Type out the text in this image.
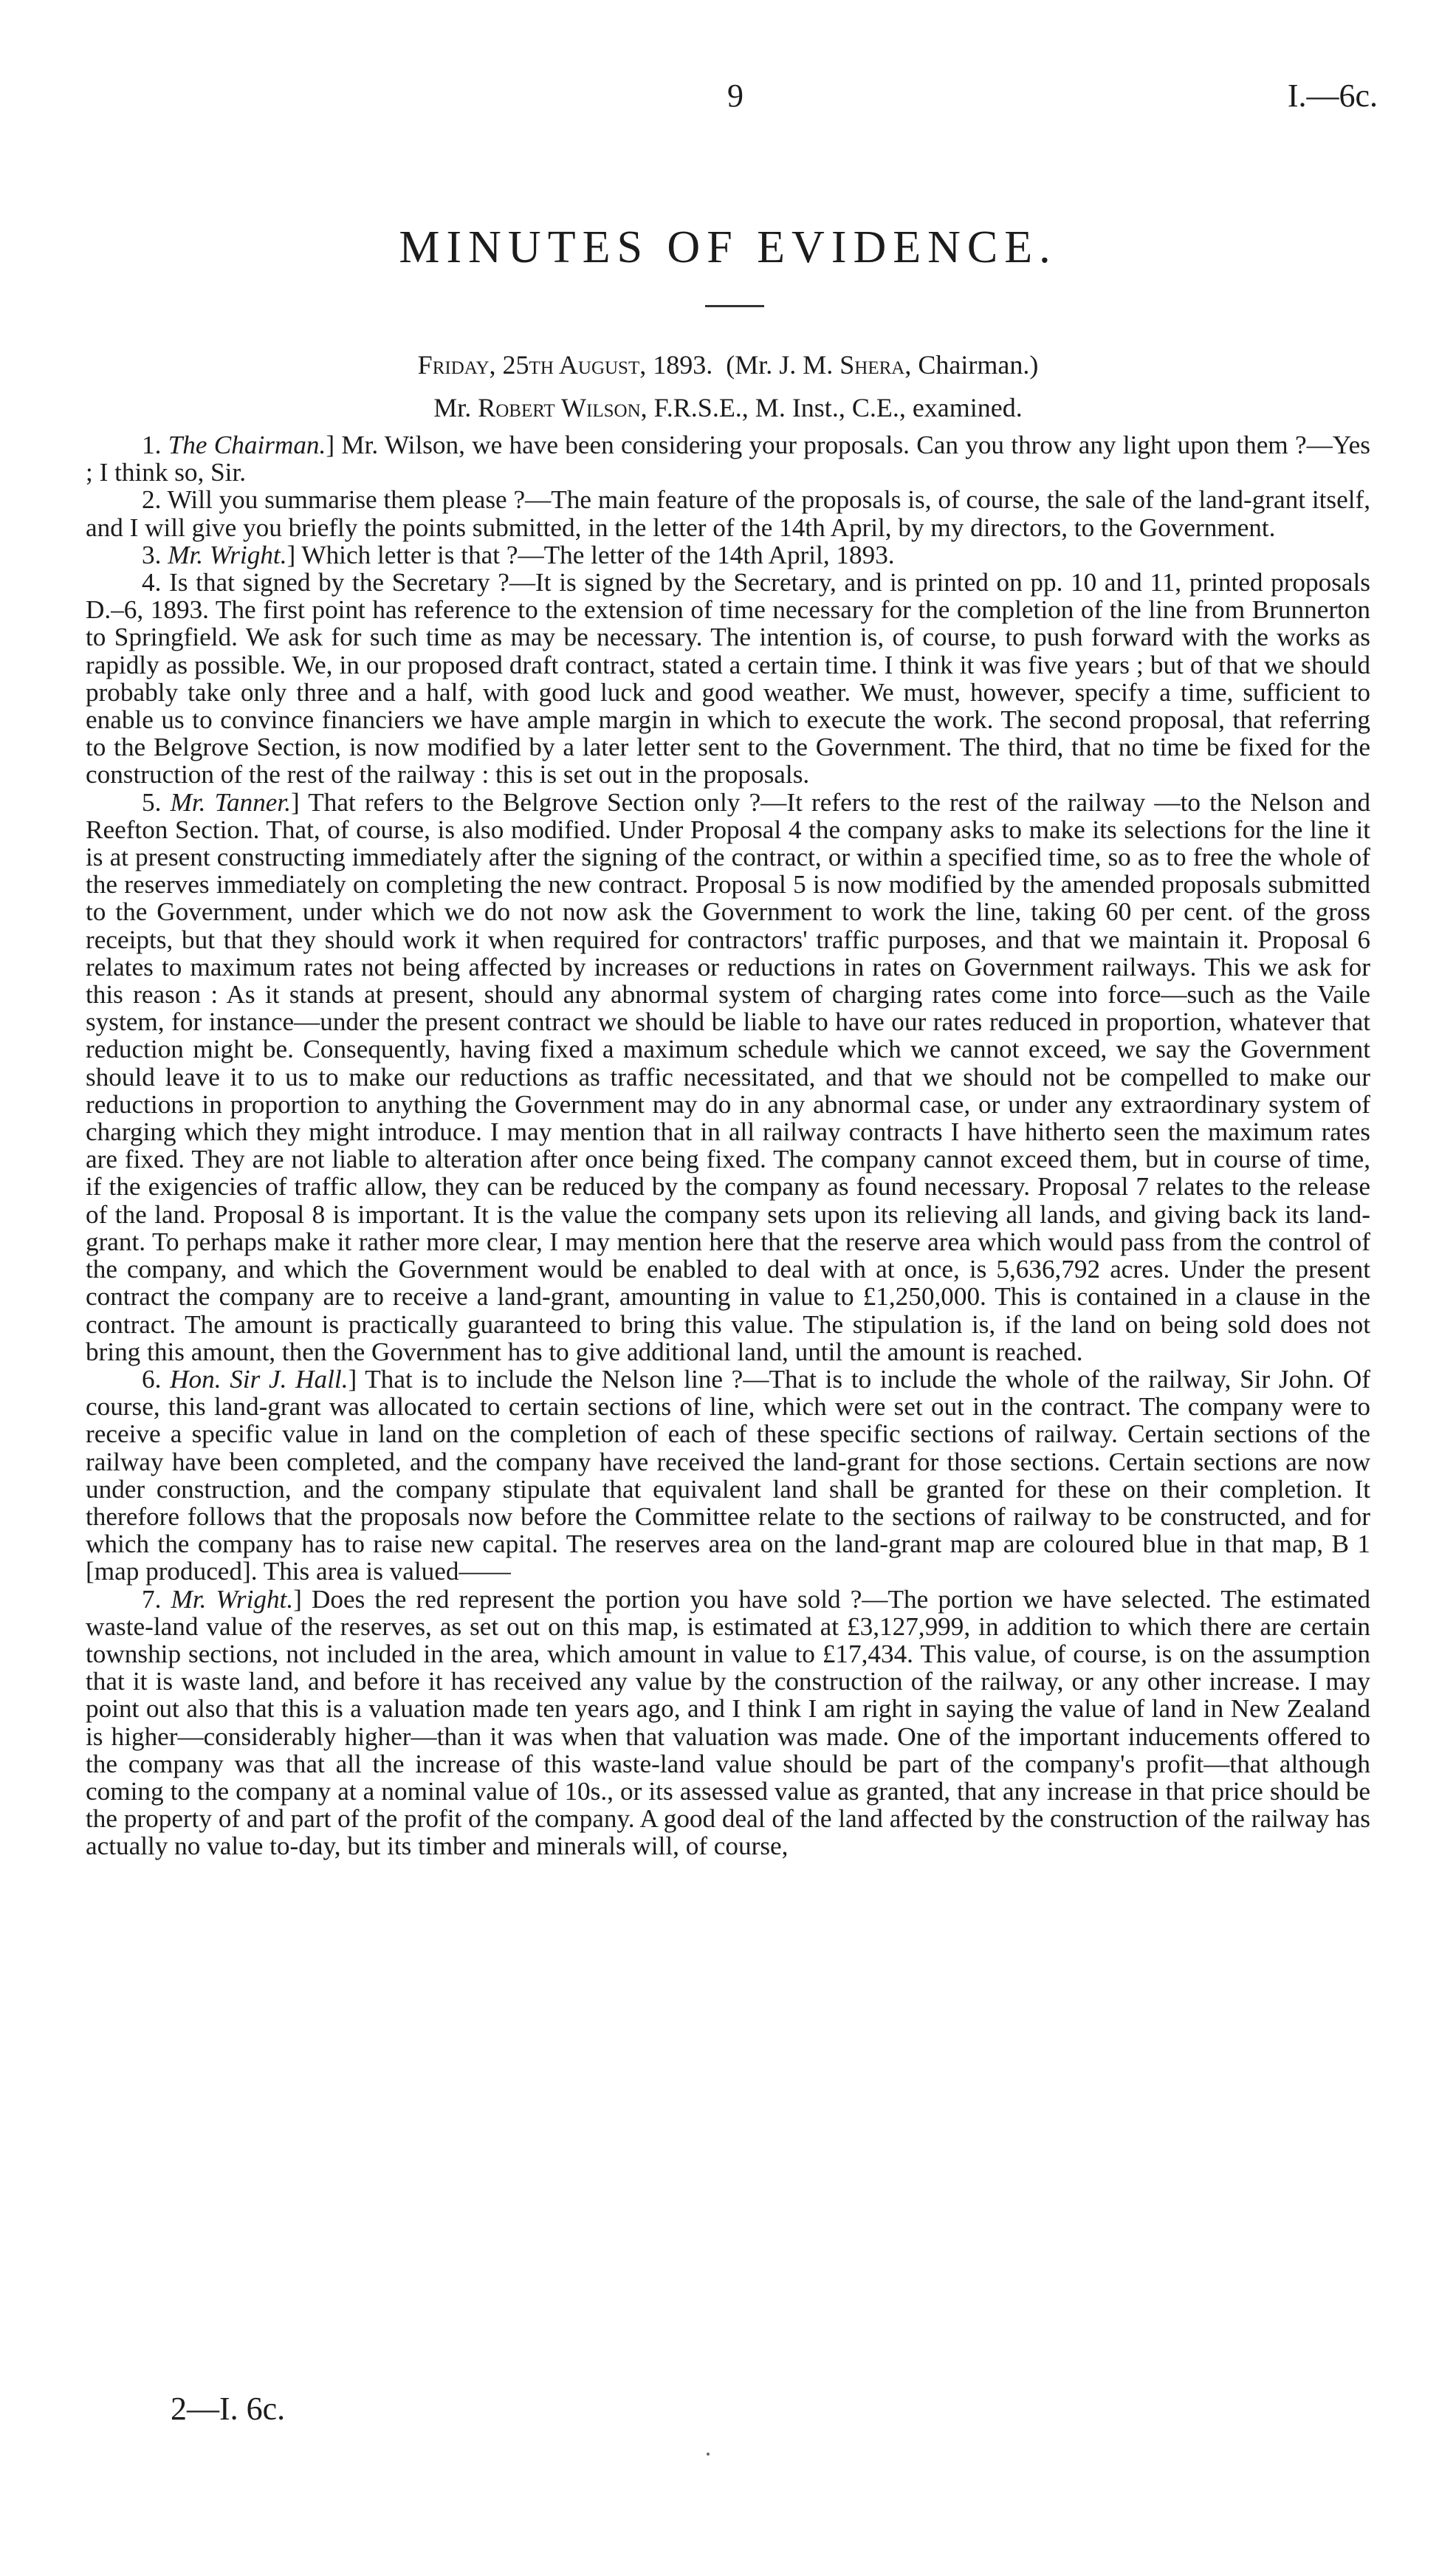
9	I.—6c.
MINUTES OF EVIDENCE.
Friday, 25th August, 1893. (Mr. J. M. Shera, Chairman.)
Mr. Robert Wilson, F.R.S.E., M. Inst., C.E., examined.

1. The Chairman.] Mr. Wilson, we have been considering your proposals. Can you throw any light upon them ?—Yes ; I think so, Sir.

2. Will you summarise them please ?—The main feature of the proposals is, of course, the sale of the land-grant itself, and I will give you briefly the points submitted, in the letter of the 14th April, by my directors, to the Government.

3. Mr. Wright.] Which letter is that ?—The letter of the 14th April, 1893.

4. Is that signed by the Secretary ?—It is signed by the Secretary, and is printed on pp. 10 and 11, printed proposals D.–6, 1893. The first point has reference to the extension of time necessary for the completion of the line from Brunnerton to Springfield. We ask for such time as may be necessary. The intention is, of course, to push forward with the works as rapidly as possible. We, in our proposed draft contract, stated a certain time. I think it was five years ; but of that we should probably take only three and a half, with good luck and good weather. We must, however, specify a time, sufficient to enable us to convince financiers we have ample margin in which to execute the work. The second proposal, that referring to the Belgrove Section, is now modified by a later letter sent to the Government. The third, that no time be fixed for the construction of the rest of the railway : this is set out in the proposals.

5. Mr. Tanner.] That refers to the Belgrove Section only ?—It refers to the rest of the railway —to the Nelson and Reefton Section. That, of course, is also modified. Under Proposal 4 the company asks to make its selections for the line it is at present constructing immediately after the signing of the contract, or within a specified time, so as to free the whole of the reserves immediately on completing the new contract. Proposal 5 is now modified by the amended proposals submitted to the Government, under which we do not now ask the Government to work the line, taking 60 per cent. of the gross receipts, but that they should work it when required for contractors' traffic purposes, and that we maintain it. Proposal 6 relates to maximum rates not being affected by increases or reductions in rates on Government railways. This we ask for this reason : As it stands at present, should any abnormal system of charging rates come into force—such as the Vaile system, for instance—under the present contract we should be liable to have our rates reduced in proportion, whatever that reduction might be. Consequently, having fixed a maximum schedule which we cannot exceed, we say the Government should leave it to us to make our reductions as traffic necessitated, and that we should not be compelled to make our reductions in proportion to anything the Government may do in any abnormal case, or under any extraordinary system of charging which they might introduce. I may mention that in all railway contracts I have hitherto seen the maximum rates are fixed. They are not liable to alteration after once being fixed. The company cannot exceed them, but in course of time, if the exigencies of traffic allow, they can be reduced by the company as found necessary. Proposal 7 relates to the release of the land. Proposal 8 is important. It is the value the company sets upon its relieving all lands, and giving back its land-grant. To perhaps make it rather more clear, I may mention here that the reserve area which would pass from the control of the company, and which the Government would be enabled to deal with at once, is 5,636,792 acres. Under the present contract the company are to receive a land-grant, amounting in value to £1,250,000. This is contained in a clause in the contract. The amount is practically guaranteed to bring this value. The stipulation is, if the land on being sold does not bring this amount, then the Government has to give additional land, until the amount is reached.

6. Hon. Sir J. Hall.] That is to include the Nelson line ?—That is to include the whole of the railway, Sir John. Of course, this land-grant was allocated to certain sections of line, which were set out in the contract. The company were to receive a specific value in land on the completion of each of these specific sections of railway. Certain sections of the railway have been completed, and the company have received the land-grant for those sections. Certain sections are now under construction, and the company stipulate that equivalent land shall be granted for these on their completion. It therefore follows that the proposals now before the Committee relate to the sections of railway to be constructed, and for which the company has to raise new capital. The reserves area on the land-grant map are coloured blue in that map, B 1 [map produced]. This area is valued——

7. Mr. Wright.] Does the red represent the portion you have sold ?—The portion we have selected. The estimated waste-land value of the reserves, as set out on this map, is estimated at £3,127,999, in addition to which there are certain township sections, not included in the area, which amount in value to £17,434. This value, of course, is on the assumption that it is waste land, and before it has received any value by the construction of the railway, or any other increase. I may point out also that this is a valuation made ten years ago, and I think I am right in saying the value of land in New Zealand is higher—considerably higher—than it was when that valuation was made. One of the important inducements offered to the company was that all the increase of this waste-land value should be part of the company's profit—that although coming to the company at a nominal value of 10s., or its assessed value as granted, that any increase in that price should be the property of and part of the profit of the company. A good deal of the land affected by the construction of the railway has actually no value to-day, but its timber and minerals will, of course,

2—I. 6c.
